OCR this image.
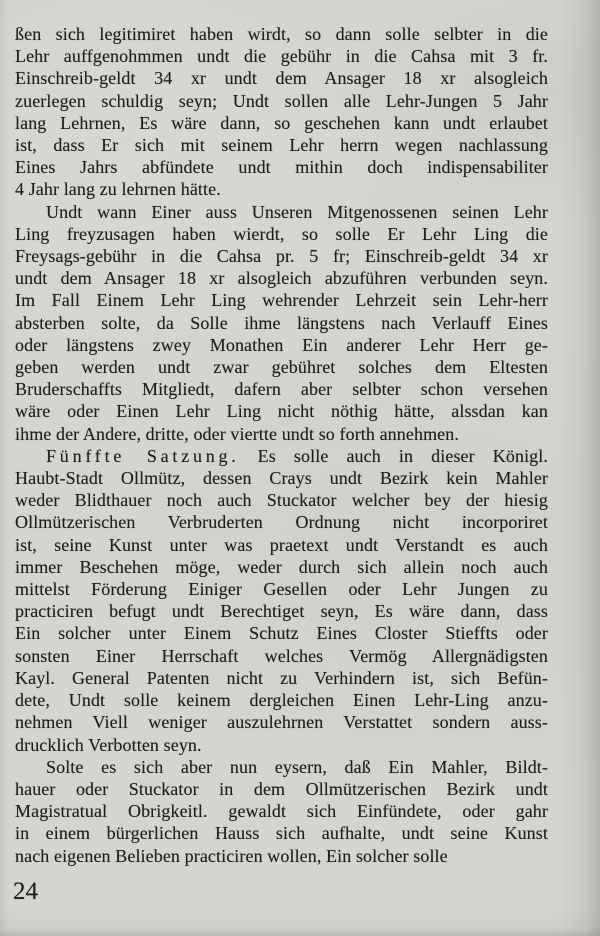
ßen sich legitimiret haben wirdt, so dann solle selbter in die
Lehr auffgenohmmen undt die gebühr in die Cahsa mit 3 fr.
Einschreib-geldt 34 xr undt dem Ansager 18 xr alsogleich
zuerlegen schuldig seyn; Undt sollen alle Lehr-Jungen 5 Jahr
lang Lehrnen, Es wäre dann, so geschehen kann undt erlaubet
ist, dass Er sich mit seinem Lehr herrn wegen nachlassung
Eines Jahrs abfündete undt mithin doch indispensabiliter
4 Jahr lang zu lehrnen hätte.
Undt wann Einer auss Unseren Mitgenossenen seinen Lehr
Ling freyzusagen haben wierdt, so solle Er Lehr Ling die
Freysags-gebühr in die Cahsa pr. 5 fr; Einschreib-geldt 34 xr
undt dem Ansager 18 xr alsogleich abzuführen verbunden seyn.
Im Fall Einem Lehr Ling wehrender Lehrzeit sein Lehr-herr
absterben solte, da Solle ihme längstens nach Verlauff Eines
oder längstens zwey Monathen Ein anderer Lehr Herr ge-
geben werden undt zwar gebühret solches dem Eltesten
Bruderschaffts Mitgliedt, dafern aber selbter schon versehen
wäre oder Einen Lehr Ling nicht nöthig hätte, alssdan kan
ihme der Andere, dritte, oder viertte undt so forth annehmen.
Fünffte Satzung. Es solle auch in dieser Königl.
Haubt-Stadt Ollmütz, dessen Crays undt Bezirk kein Mahler
weder Blidthauer noch auch Stuckator welcher bey der hiesig
Ollmützerischen Verbruderten Ordnung nicht incorporiret
ist, seine Kunst unter was praetext undt Verstandt es auch
immer Beschehen möge, weder durch sich allein noch auch
mittelst Förderung Einiger Gesellen oder Lehr Jungen zu
practiciren befugt undt Berechtiget seyn, Es wäre dann, dass
Ein solcher unter Einem Schutz Eines Closter Stieffts oder
sonsten Einer Herrschaft welches Vermög Allergnädigsten
Kayl. General Patenten nicht zu Verhindern ist, sich Befün-
dete, Undt solle keinem dergleichen Einen Lehr-Ling anzu-
nehmen Viell weniger auszulehrnen Verstattet sondern auss-
drucklich Verbotten seyn.
Solte es sich aber nun eysern, daß Ein Mahler, Bildt-
hauer oder Stuckator in dem Ollmützerischen Bezirk undt
Magistratual Obrigkeitl. gewaldt sich Einfündete, oder gahr
in einem bürgerlichen Hauss sich aufhalte, undt seine Kunst
nach eigenen Belieben practiciren wollen, Ein solcher solle
24
